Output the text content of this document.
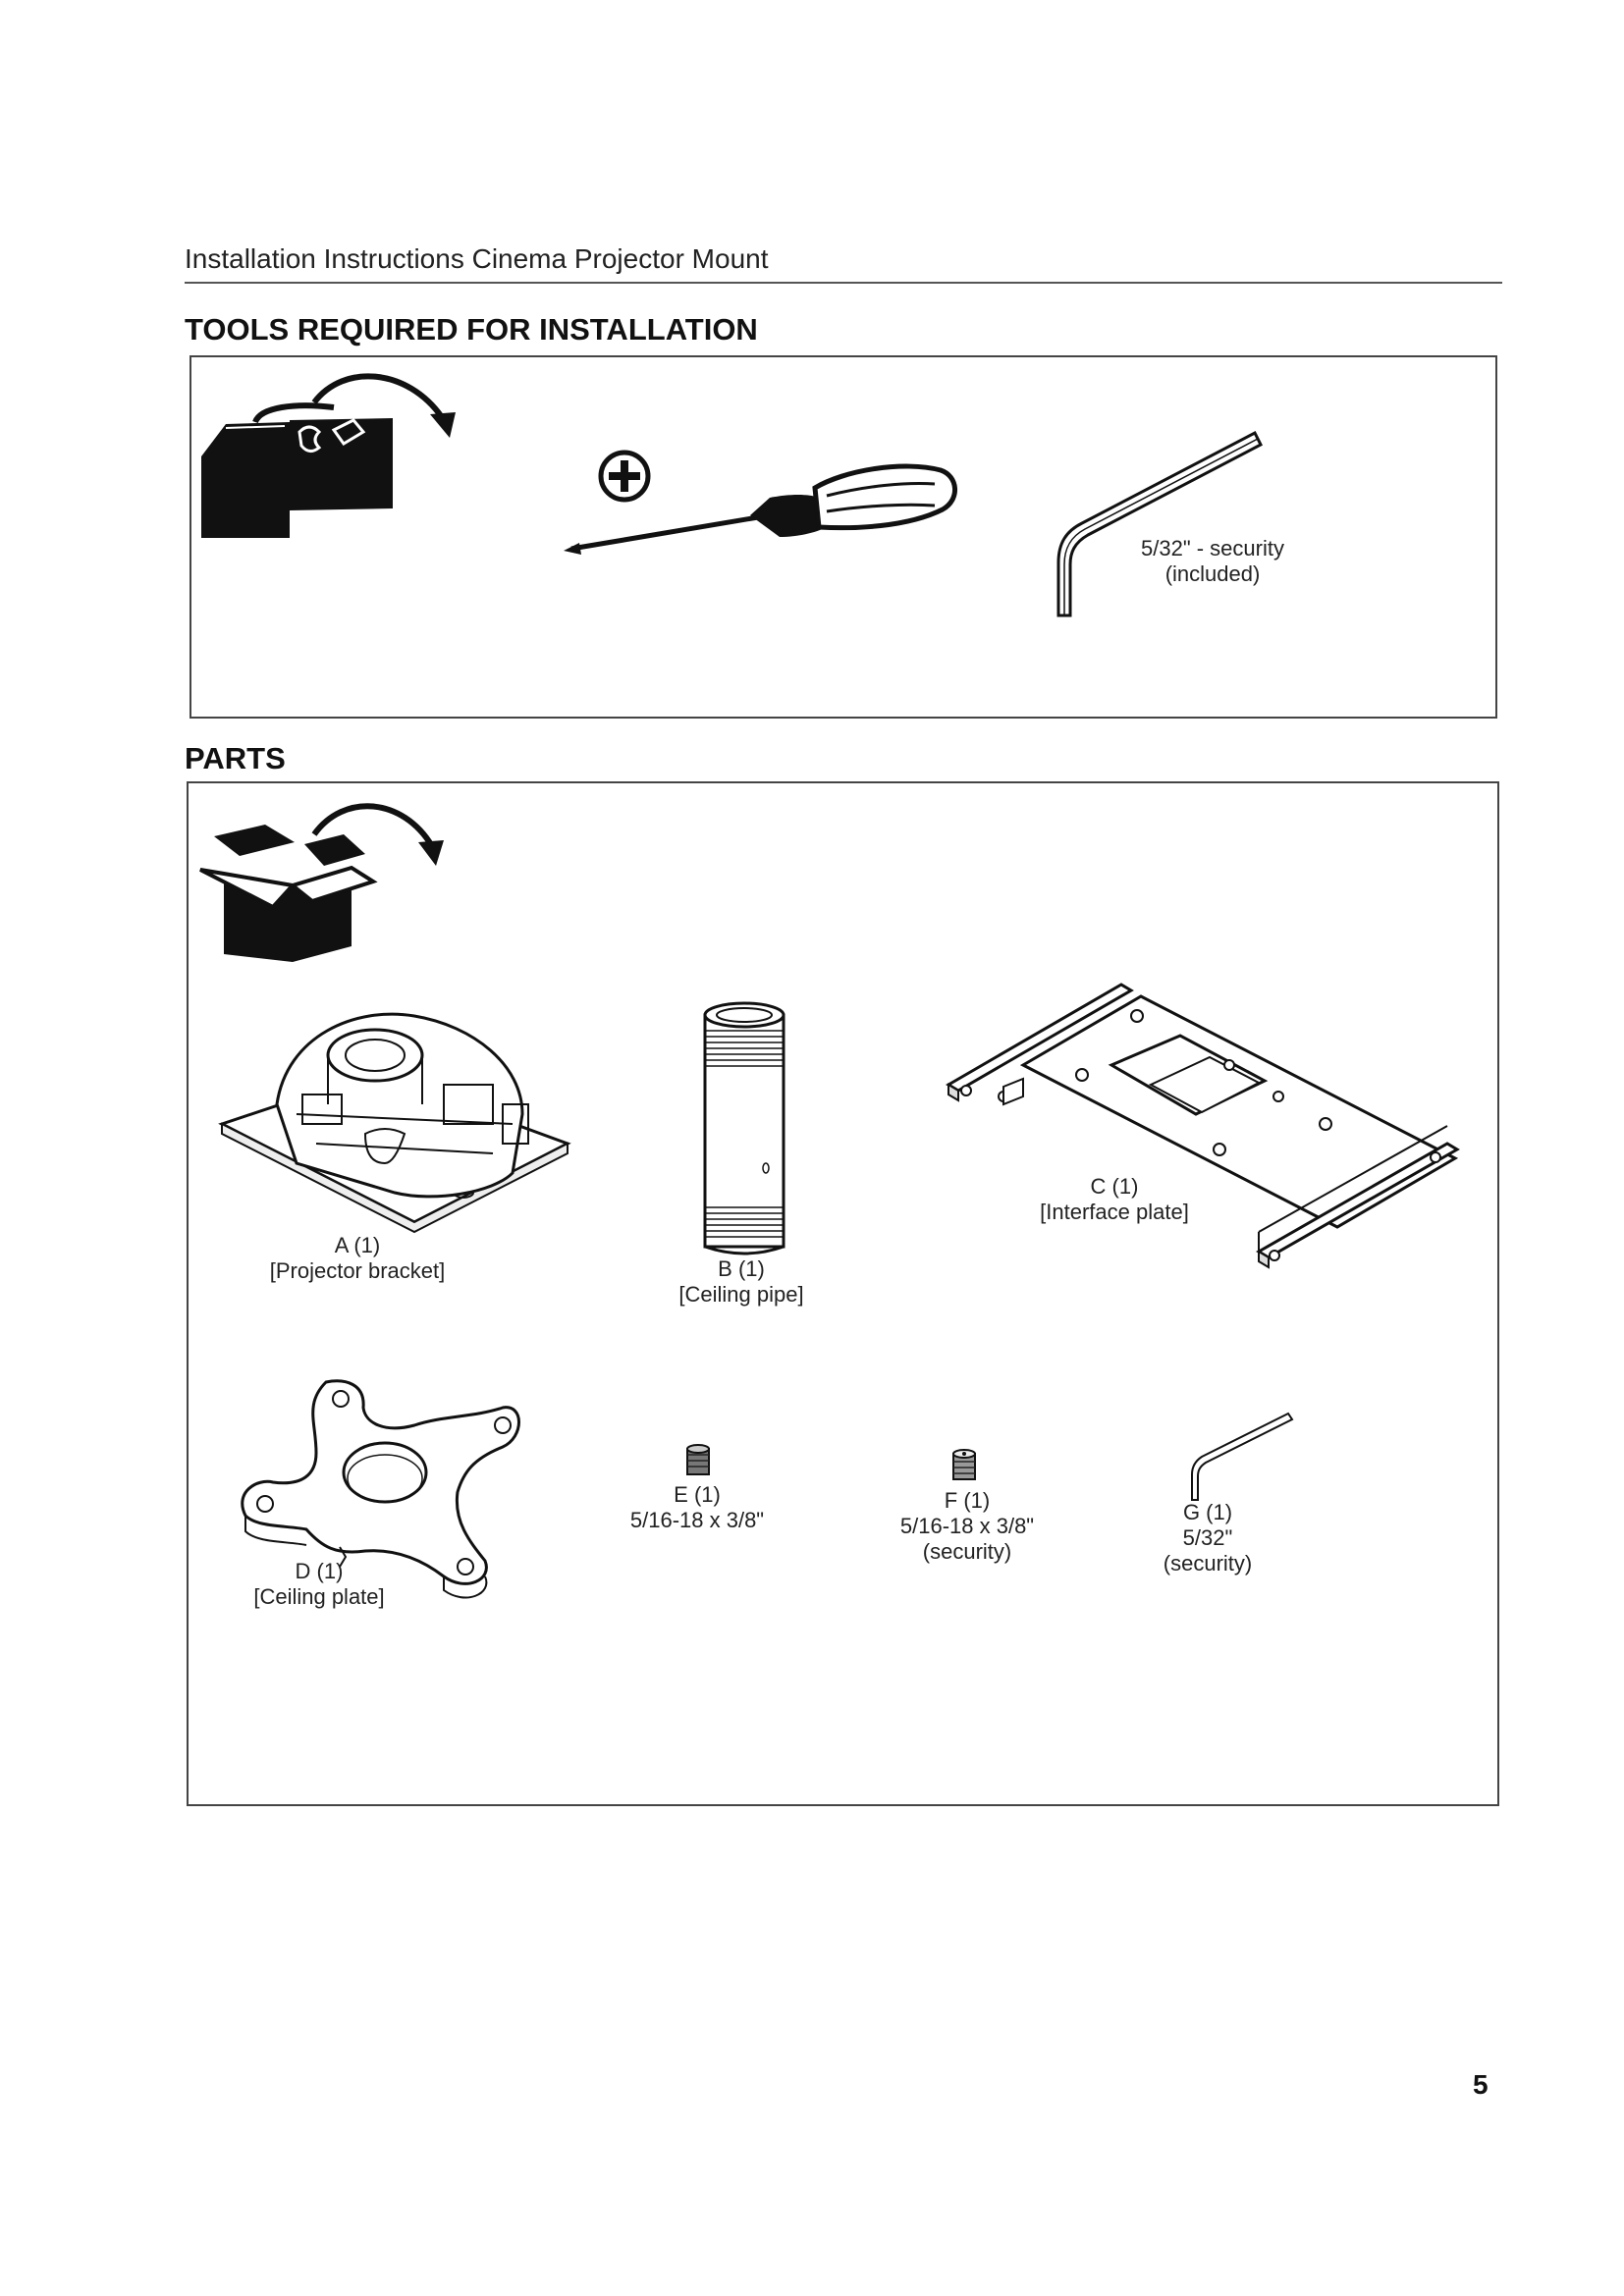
Installation Instructions Cinema Projector Mount
TOOLS REQUIRED FOR INSTALLATION
5/32" - security
(included)
PARTS
A (1)
[Projector bracket]	B (1)
[Ceiling pipe]
C (1)
[Interface plate]
D (1)
[Ceiling plate]
E (1)
5/16-18 x 3/8"
F (1)
5/16-18 x 3/8"
(security)
G (1)
5/32"
(security)
5
